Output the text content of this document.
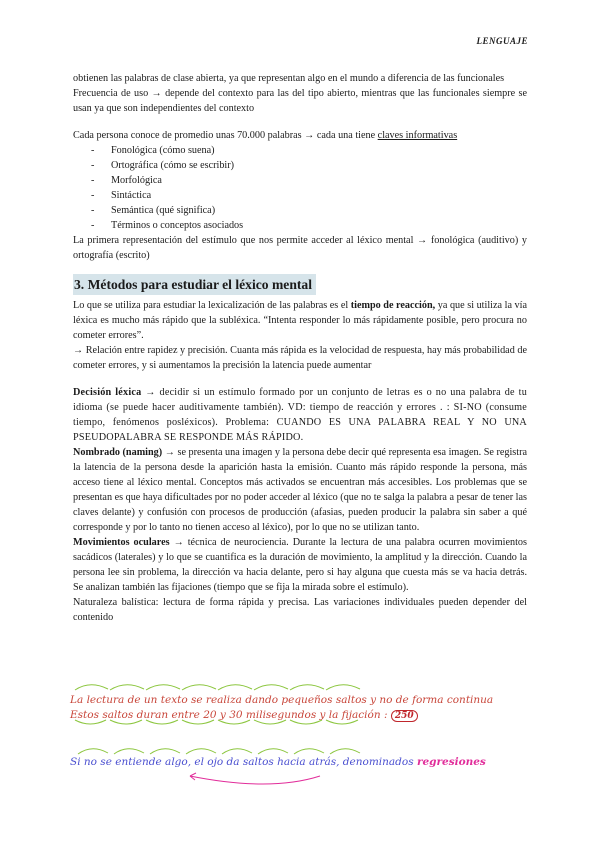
LENGUAJE

obtienen las palabras de clase abierta, ya que representan algo en el mundo a diferencia de las funcionales

Frecuencia de uso → depende del contexto para las del tipo abierto, mientras que las funcionales siempre se usan ya que son independientes del contexto

Cada persona conoce de promedio unas 70.000 palabras → cada una tiene claves informativas

- Fonológica (cómo suena)
- Ortográfica (cómo se escribir)
- Morfológica
- Sintáctica
- Semántica (qué significa)
- Términos o conceptos asociados

La primera representación del estímulo que nos permite acceder al léxico mental → fonológica (auditivo) y ortografía (escrito)

3. Métodos para estudiar el léxico mental

Lo que se utiliza para estudiar la lexicalización de las palabras es el tiempo de reacción, ya que si utiliza la vía léxica es mucho más rápido que la subléxica. “Intenta responder lo más rápidamente posible, pero procura no cometer errores”.

→ Relación entre rapidez y precisión. Cuanta más rápida es la velocidad de respuesta, hay más probabilidad de cometer errores, y si aumentamos la precisión la latencia puede aumentar

Decisión léxica → decidir si un estímulo formado por un conjunto de letras es o no una palabra de tu idioma (se puede hacer auditivamente también). VD: tiempo de reacción y errores . : SI-NO (consume tiempo, fenómenos posléxicos). Problema: CUANDO ES UNA PALABRA REAL Y NO UNA PSEUDOPALABRA SE RESPONDE MÁS RÁPIDO.

Nombrado (naming) → se presenta una imagen y la persona debe decir qué representa esa imagen. Se registra la latencia de la persona desde la aparición hasta la emisión. Cuanto más rápido responde la persona, más acceso tiene al léxico mental. Conceptos más activados se encuentran más accesibles. Los problemas que se presentan es que haya dificultades por no poder acceder al léxico (que no te salga la palabra a pesar de tener las claves delante) y confusión con procesos de producción (afasias, pueden producir la palabra sin saber a qué corresponde y por lo tanto no tienen acceso al léxico), por lo que no se utilizan tanto.

Movimientos oculares → técnica de neurociencia. Durante la lectura de una palabra ocurren movimientos sacádicos (laterales) y lo que se cuantifica es la duración de movimiento, la amplitud y la dirección. Cuando la persona lee sin problema, la dirección va hacia delante, pero si hay alguna que cuesta más se va hacia detrás. Se analizan también las fijaciones (tiempo que se fija la mirada sobre el estímulo).

Naturaleza balística: lectura de forma rápida y precisa. Las variaciones individuales pueden depender del contenido

La lectura de un texto se realiza dando pequeños saltos y no de forma continua
Estos saltos duran entre 20 y 30 milisegundos y la fijación : 250
Si no se entiende algo, el ojo da saltos hacia atrás, denominados regresiones
